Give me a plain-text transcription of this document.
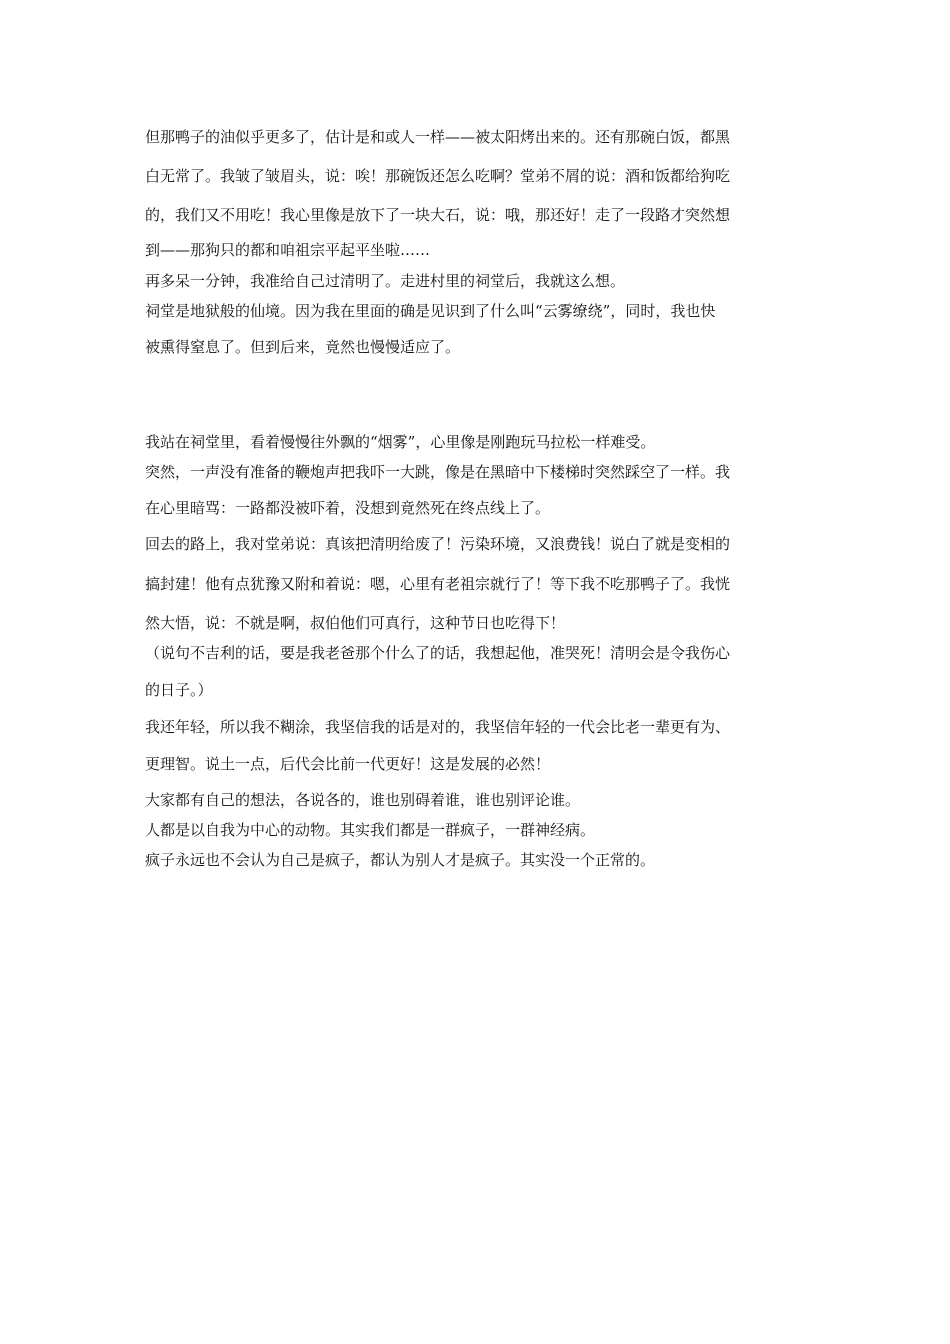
但那鸭子的油似乎更多了，估计是和或人一样——被太阳烤出来的。还有那碗白饭，都黑
白无常了。我皱了皱眉头，说：唉！那碗饭还怎么吃啊？堂弟不屑的说：酒和饭都给狗吃
的，我们又不用吃！我心里像是放下了一块大石，说：哦，那还好！走了一段路才突然想
到——那狗只的都和咱祖宗平起平坐啦……
再多呆一分钟，我准给自己过清明了。走进村里的祠堂后，我就这么想。
祠堂是地狱般的仙境。因为我在里面的确是见识到了什么叫“云雾缭绕”，同时，我也快
被熏得窒息了。但到后来，竟然也慢慢适应了。
我站在祠堂里，看着慢慢往外飘的“烟雾”，心里像是刚跑玩马拉松一样难受。
突然，一声没有准备的鞭炮声把我吓一大跳，像是在黑暗中下楼梯时突然踩空了一样。我
在心里暗骂：一路都没被吓着，没想到竟然死在终点线上了。
回去的路上，我对堂弟说：真该把清明给废了！污染环境，又浪费钱！说白了就是变相的
搞封建！他有点犹豫又附和着说：嗯，心里有老祖宗就行了！等下我不吃那鸭子了。我恍
然大悟，说：不就是啊，叔伯他们可真行，这种节日也吃得下！
（说句不吉利的话，要是我老爸那个什么了的话，我想起他，准哭死！清明会是令我伤心
的日子。）
我还年轻，所以我不糊涂，我坚信我的话是对的，我坚信年轻的一代会比老一辈更有为、
更理智。说土一点，后代会比前一代更好！这是发展的必然！
大家都有自己的想法，各说各的，谁也别碍着谁，谁也别评论谁。
人都是以自我为中心的动物。其实我们都是一群疯子，一群神经病。
疯子永远也不会认为自己是疯子，都认为别人才是疯子。其实没一个正常的。
